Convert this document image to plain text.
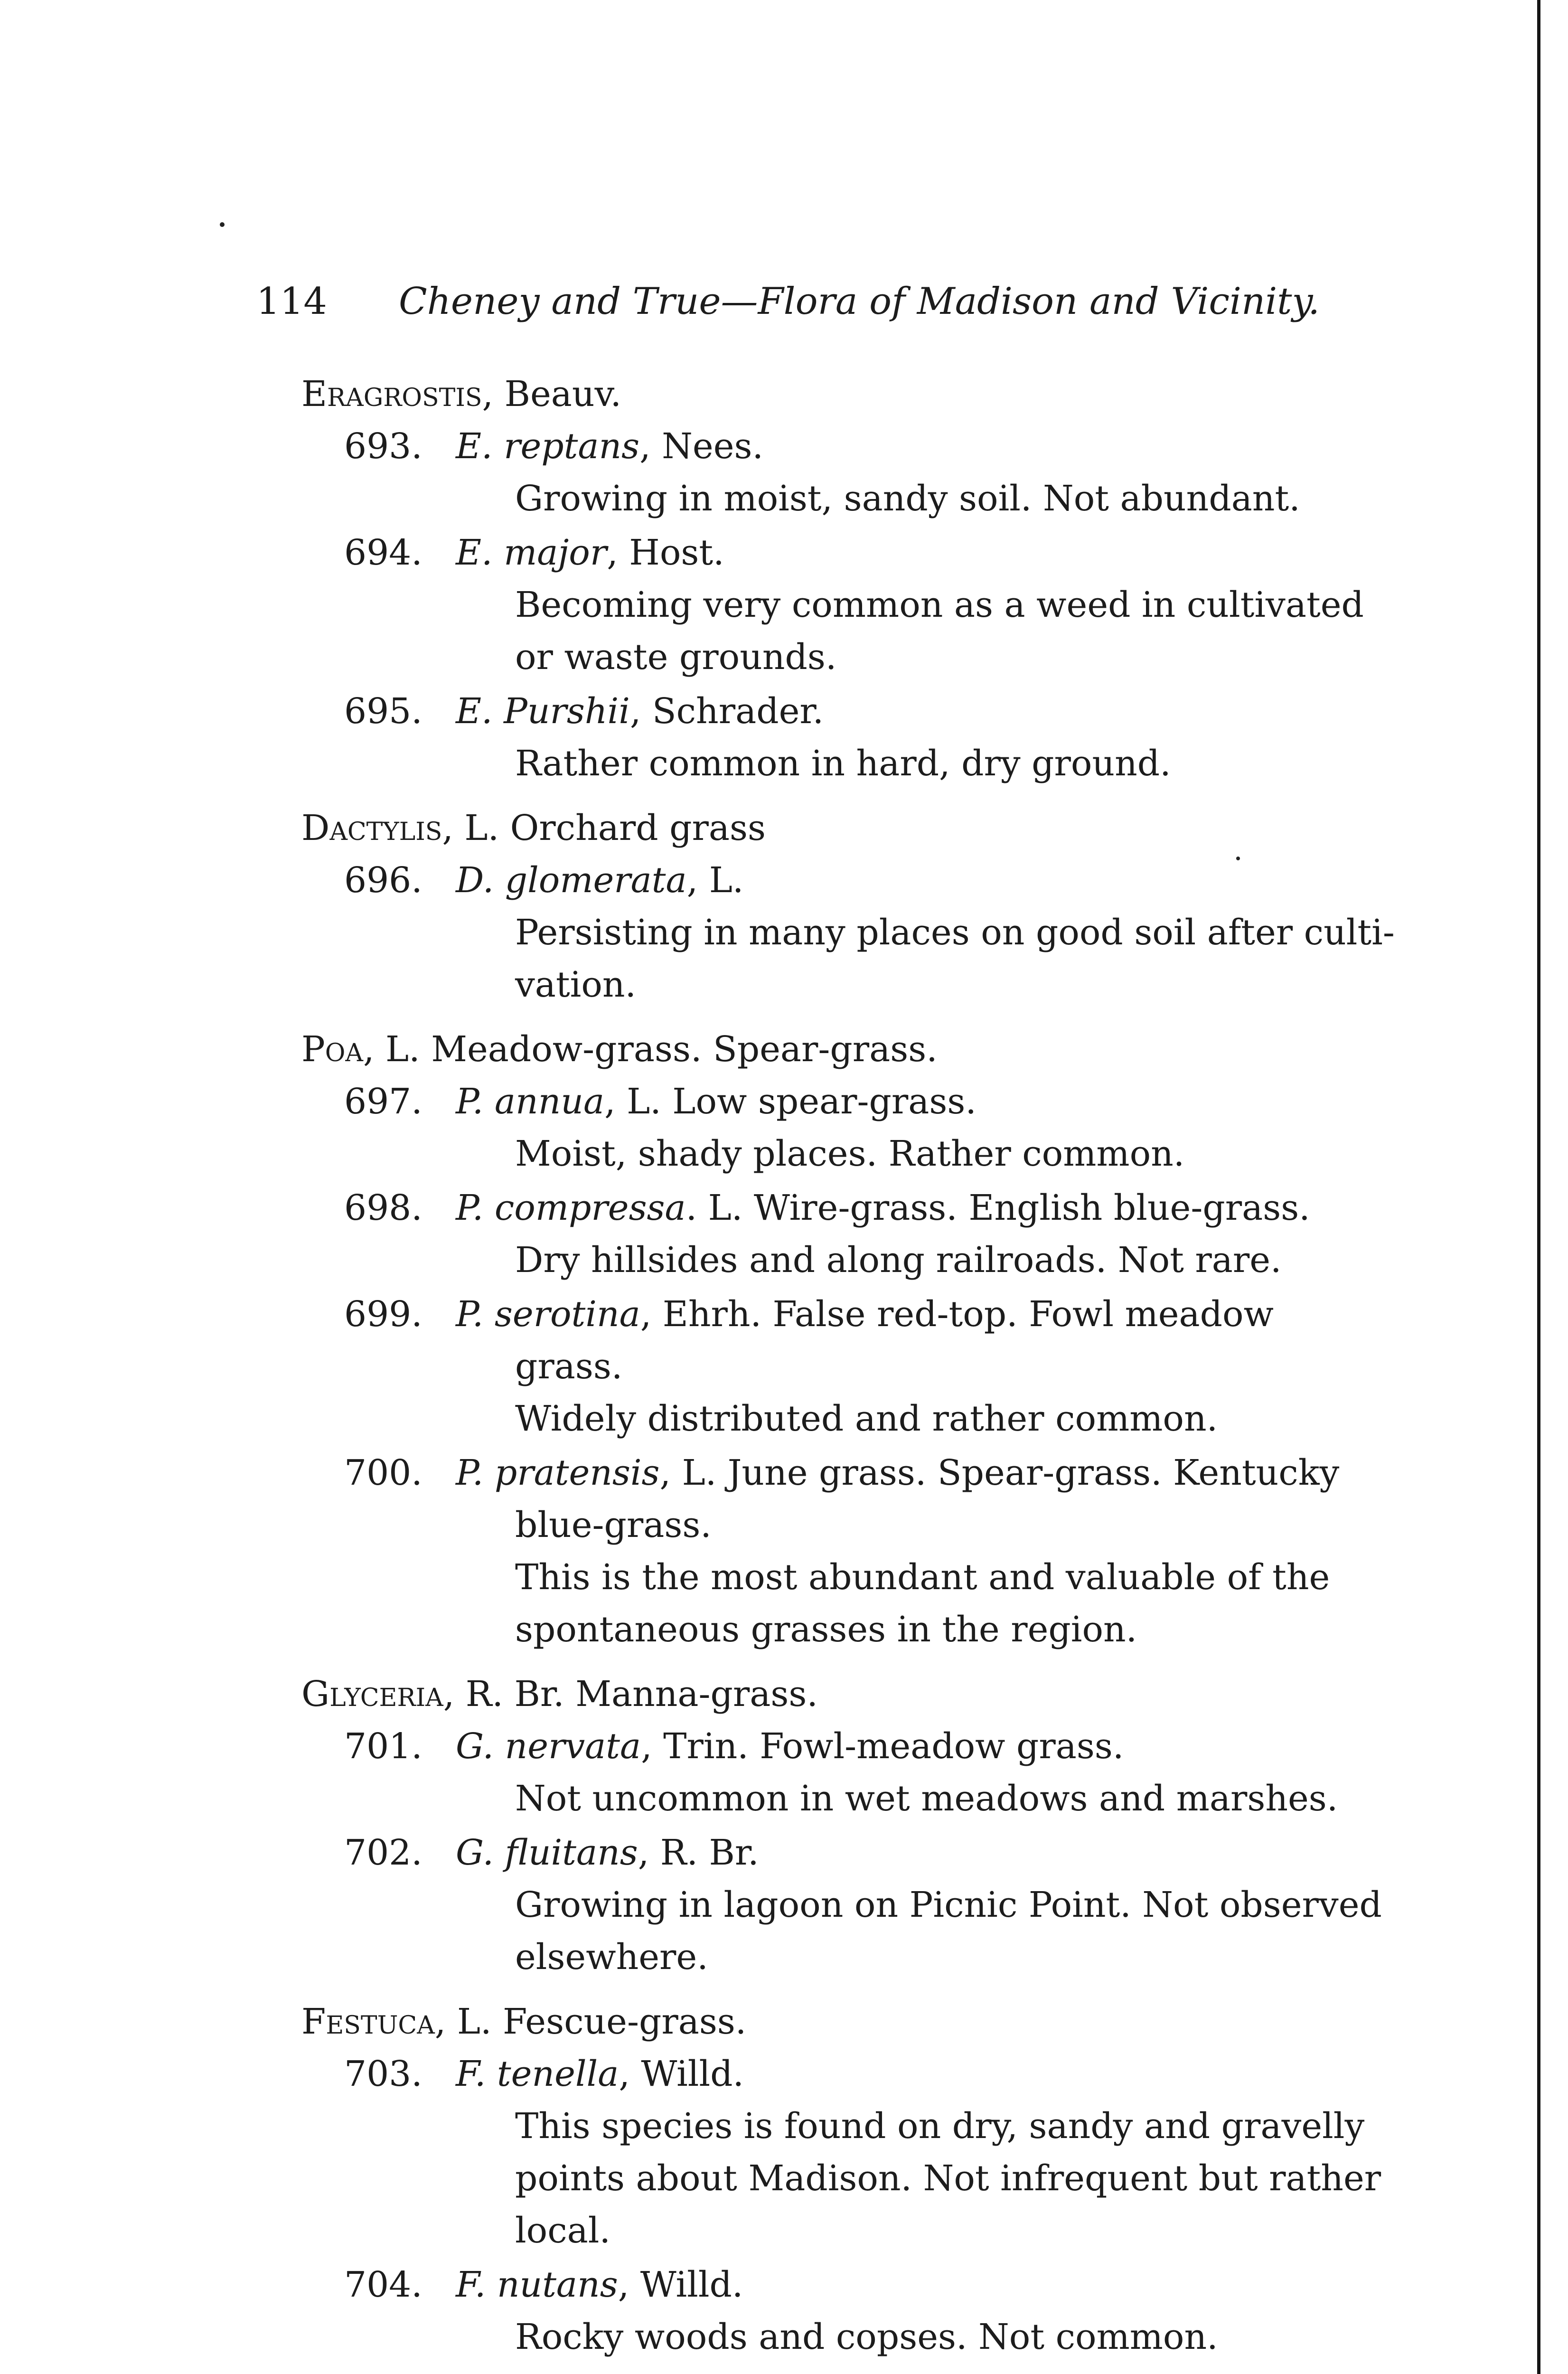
114 Cheney and True—Flora of Madison and Vicinity.
Eragrostis, Beauv.
693. E. reptans, Nees.
Growing in moist, sandy soil. Not abundant.
694. E. major, Host.
Becoming very common as a weed in cultivated
or waste grounds.
695. E. Purshii, Schrader.
Rather common in hard, dry ground.
Dactylis, L. Orchard grass
696. D. glomerata, L.
Persisting in many places on good soil after culti-
vation.
Poa, L. Meadow-grass. Spear-grass.
697. P. annua, L. Low spear-grass.
Moist, shady places. Rather common.
698. P. compressa. L. Wire-grass. English blue-grass.
Dry hillsides and along railroads. Not rare.
699. P. serotina, Ehrh. False red-top. Fowl meadow
grass.
Widely distributed and rather common.
700. P. pratensis, L. June grass. Spear-grass. Kentucky
blue-grass.
This is the most abundant and valuable of the
spontaneous grasses in the region.
Glyceria, R. Br. Manna-grass.
701. G. nervata, Trin. Fowl-meadow grass.
Not uncommon in wet meadows and marshes.
702. G. fluitans, R. Br.
Growing in lagoon on Picnic Point. Not observed
elsewhere.
Festuca, L. Fescue-grass.
703. F. tenella, Willd.
This species is found on dry, sandy and gravelly
points about Madison. Not infrequent but rather
local.
704. F. nutans, Willd.
Rocky woods and copses. Not common.
